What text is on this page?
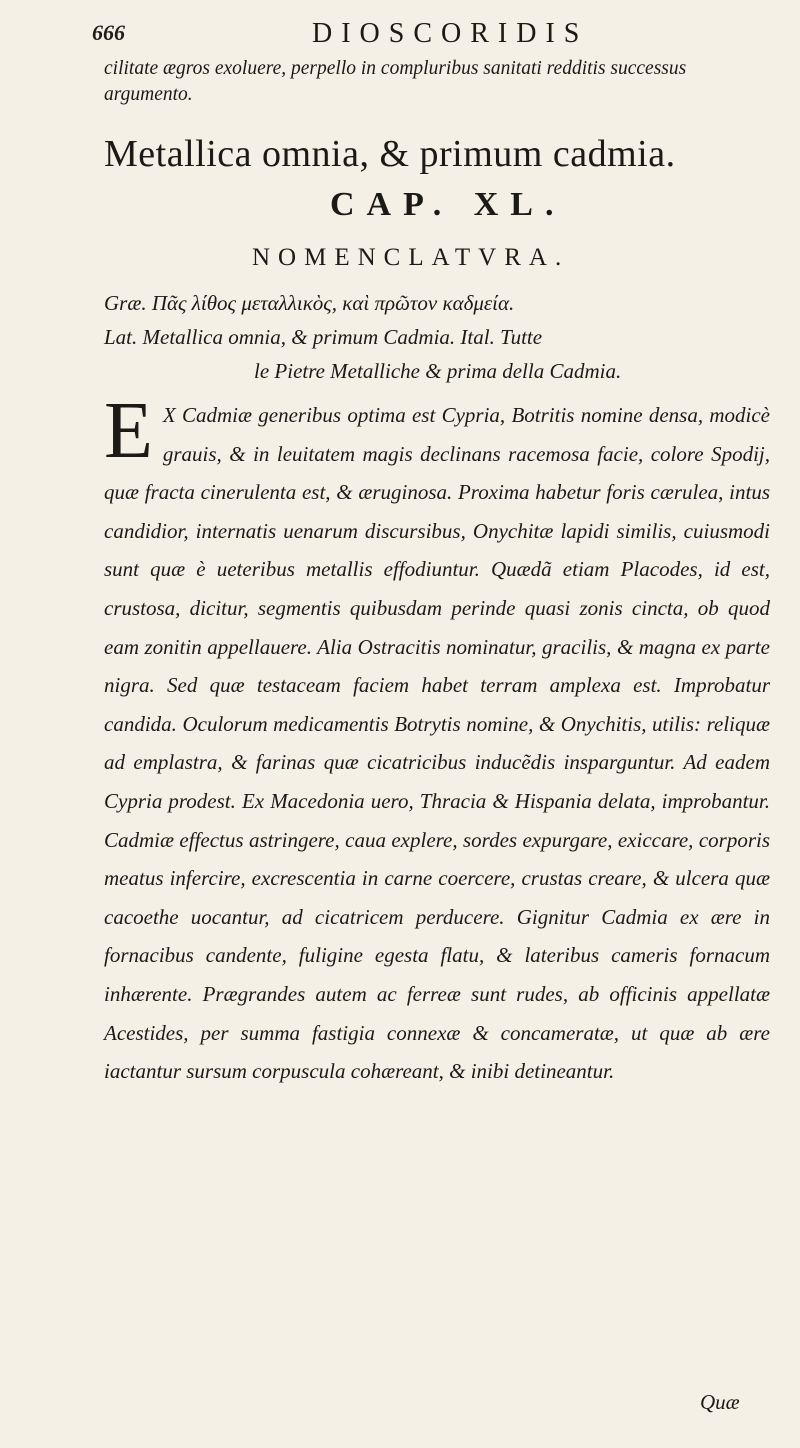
666	DIOSCORIDIS
cilitate ægros exoluere, perpello in compluribus sanitati redditis successus argumento.
Metallica omnia, & primum cadmia.
CAP. XL.
NOMENCLATVRA.
Græ. Πᾶς λίθος μεταλλικὸς, καὶ πρῶτον καδμεία.
Lat. Metallica omnia, & primum Cadmia. Ital. Tutte
le Pietre Metalliche & prima della Cadmia.
E X Cadmiæ generibus optima est Cypria, Botritis nomine densa, modicè grauis, & in leuitatem magis declinans racemosa facie, colore Spodij, quæ fracta cinerulenta est, & æruginosa. Proxima habetur foris cærulea, intus candidior, internatis uenarum discursibus, Onychitæ lapidi similis, cuiusmodi sunt quæ è ueteribus metallis effodiuntur. Quædã etiam Placodes, id est, crustosa, dicitur, segmentis quibusdam perinde quasi zonis cincta, ob quod eam zonitin appellauere. Alia Ostracitis nominatur, gracilis, & magna ex parte nigra. Sed quæ testaceam faciem habet terram amplexa est. Improbatur candida. Oculorum medicamentis Botrytis nomine, & Onychitis, utilis: reliquæ ad emplastra, & farinas quæ cicatricibus inducẽdis insparguntur. Ad eadem Cypria prodest. Ex Macedonia uero, Thracia & Hispania delata, improbantur. Cadmiæ effectus astringere, caua explere, sordes expurgare, exiccare, corporis meatus infercire, excrescentia in carne coercere, crustas creare, & ulcera quæ cacoethe uocantur, ad cicatricem perducere. Gignitur Cadmia ex ære in fornacibus candente, fuligine egesta flatu, & lateribus cameris fornacum inhærente. Prægrandes autem ac ferreæ sunt rudes, ab officinis appellatæ Acestides, per summa fastigia connexæ & concameratæ, ut quæ ab ære iactantur sursum corpuscula cohæreant, & inibi detineantur.
Quæ
